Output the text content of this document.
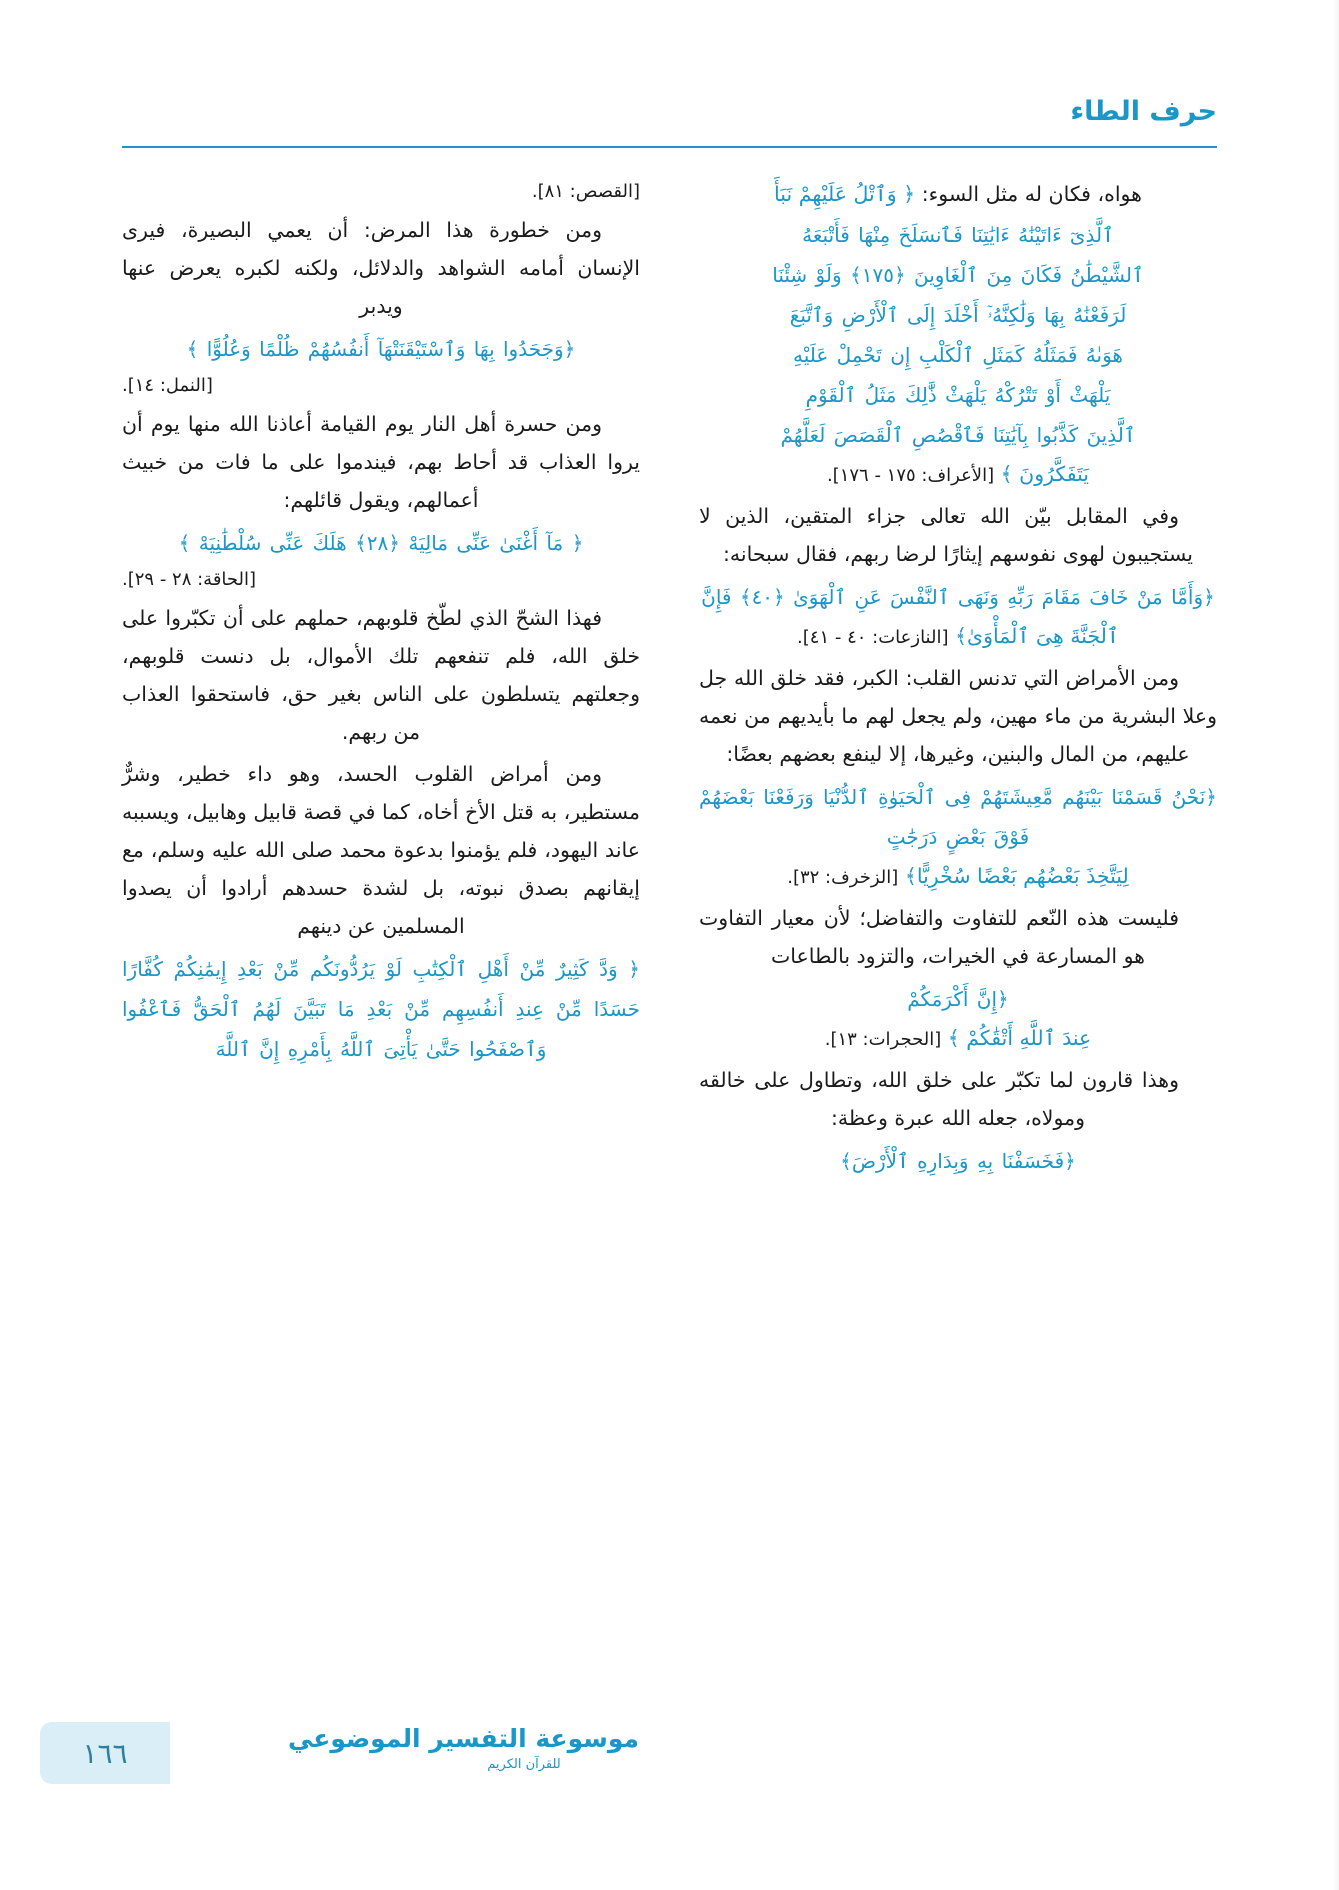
حرف الطاء

هواه، فكان له مثل السوء: ﴿ وَٱتْلُ عَلَيْهِمْ نَبَأَ

ٱلَّذِىٓ ءَاتَيْنَٰهُ ءَايَٰتِنَا فَٱنسَلَخَ مِنْهَا فَأَتْبَعَهُ

ٱلشَّيْطَٰنُ فَكَانَ مِنَ ٱلْغَاوِينَ ﴿١٧٥﴾ وَلَوْ شِئْنَا

لَرَفَعْنَٰهُ بِهَا وَلَٰكِنَّهُۥٓ أَخْلَدَ إِلَى ٱلْأَرْضِ وَٱتَّبَعَ

هَوَىٰهُ فَمَثَلُهُ كَمَثَلِ ٱلْكَلْبِ إِن تَحْمِلْ عَلَيْهِ

يَلْهَثْ أَوْ تَتْرُكْهُ يَلْهَثْ ذَّٰلِكَ مَثَلُ ٱلْقَوْمِ

ٱلَّذِينَ كَذَّبُوا بِآيَٰتِنَا فَٱقْصُصِ ٱلْقَصَصَ لَعَلَّهُمْ

يَتَفَكَّرُونَ ﴾ [الأعراف: ١٧٥ - ١٧٦].

وفي المقابل بيّن الله تعالى جزاء المتقين، الذين لا يستجيبون لهوى نفوسهم إيثارًا لرضا ربهم، فقال سبحانه:

﴿وَأَمَّا مَنْ خَافَ مَقَامَ رَبِّهِ وَنَهَى ٱلنَّفْسَ عَنِ ٱلْهَوَىٰ ﴿٤٠﴾ فَإِنَّ

ٱلْجَنَّةَ هِىَ ٱلْمَأْوَىٰ﴾ [النازعات: ٤٠ - ٤١].

ومن الأمراض التي تدنس القلب: الكبر، فقد خلق الله جل وعلا البشرية من ماء مهين، ولم يجعل لهم ما بأيديهم من نعمه عليهم، من المال والبنين، وغيرها، إلا لينفع بعضهم بعضًا:

﴿نَحْنُ قَسَمْنَا بَيْنَهُم مَّعِيشَتَهُمْ فِى ٱلْحَيَوٰةِ ٱلدُّنْيَا وَرَفَعْنَا بَعْضَهُمْ فَوْقَ بَعْضٍ دَرَجَٰتٍ

لِيَتَّخِذَ بَعْضُهُم بَعْضًا سُخْرِيًّا﴾ [الزخرف: ٣٢].

فليست هذه النّعم للتفاوت والتفاضل؛ لأن معيار التفاوت هو المسارعة في الخيرات، والتزود بالطاعات

﴿إِنَّ أَكْرَمَكُمْ

عِندَ ٱللَّهِ أَتْقَٰكُمْ ﴾ [الحجرات: ١٣].

وهذا قارون لما تكبّر على خلق الله، وتطاول على خالقه ومولاه، جعله الله عبرة وعظة:

﴿فَخَسَفْنَا بِهِ وَبِدَارِهِ ٱلْأَرْضَ﴾

[القصص: ٨١].

ومن خطورة هذا المرض: أن يعمي البصيرة، فيرى الإنسان أمامه الشواهد والدلائل، ولكنه لكبره يعرض عنها ويدبر

﴿وَجَحَدُوا بِهَا وَٱسْتَيْقَنَتْهَآ أَنفُسُهُمْ ظُلْمًا وَعُلُوًّا ﴾

[النمل: ١٤].

ومن حسرة أهل النار يوم القيامة أعاذنا الله منها يوم أن يروا العذاب قد أحاط بهم، فيندموا على ما فات من خبيث أعمالهم، ويقول قائلهم:

﴿ مَآ أَغْنَىٰ عَنِّى مَالِيَهْ ﴿٢٨﴾ هَلَكَ عَنِّى سُلْطَٰنِيَهْ ﴾

[الحاقة: ٢٨ - ٢٩].

فهذا الشحّ الذي لطّخ قلوبهم، حملهم على أن تكبّروا على خلق الله، فلم تنفعهم تلك الأموال، بل دنست قلوبهم، وجعلتهم يتسلطون على الناس بغير حق، فاستحقوا العذاب من ربهم.

ومن أمراض القلوب الحسد، وهو داء خطير، وشرٌّ مستطير، به قتل الأخ أخاه، كما في قصة قابيل وهابيل، ويسببه عاند اليهود، فلم يؤمنوا بدعوة محمد صلى الله عليه وسلم، مع إيقانهم بصدق نبوته، بل لشدة حسدهم أرادوا أن يصدوا المسلمين عن دينهم

﴿ وَدَّ كَثِيرٌ مِّنْ أَهْلِ ٱلْكِتَٰبِ لَوْ يَرُدُّونَكُم مِّنْ بَعْدِ إِيمَٰنِكُمْ كُفَّارًا حَسَدًا مِّنْ عِندِ أَنفُسِهِم مِّنْ بَعْدِ مَا تَبَيَّنَ لَهُمُ ٱلْحَقُّ فَٱعْفُوا وَٱصْفَحُوا حَتَّىٰ يَأْتِىَ ٱللَّهُ بِأَمْرِهِ إِنَّ ٱللَّهَ

موسوعة التفسير الموضوعي
للقرآن الكريم
١٦٦
